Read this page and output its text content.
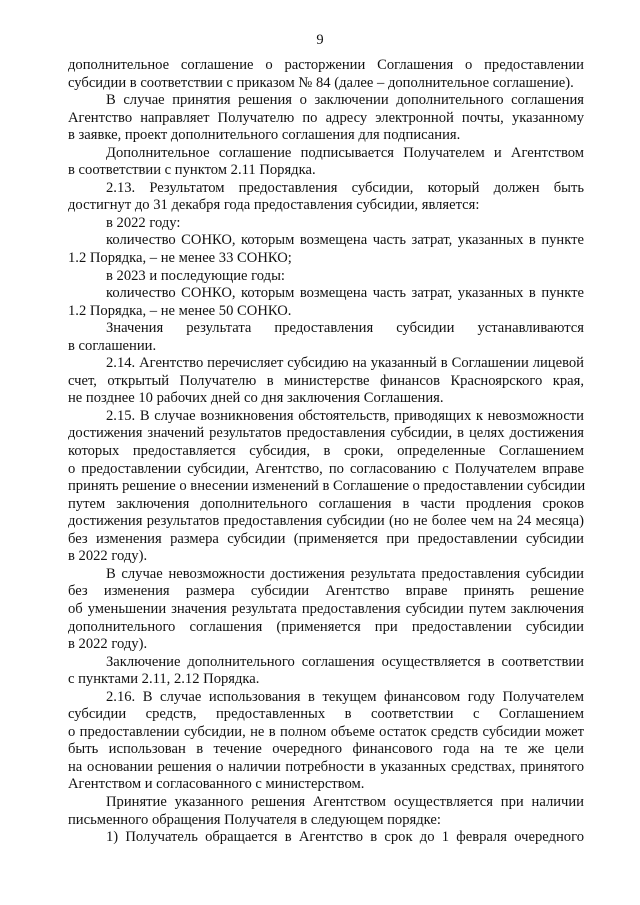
9
дополнительное соглашение о расторжении Соглашения о предоставлении
субсидии в соответствии с приказом № 84 (далее – дополнительное соглашение).
В случае принятия решения о заключении дополнительного соглашения
Агентство направляет Получателю по адресу электронной почты, указанному
в заявке, проект дополнительного соглашения для подписания.
Дополнительное соглашение подписывается Получателем и Агентством
в соответствии с пунктом 2.11 Порядка.
2.13. Результатом предоставления субсидии, который должен быть
достигнут до 31 декабря года предоставления субсидии, является:
в 2022 году:
количество СОНКО, которым возмещена часть затрат, указанных в пункте
1.2 Порядка, – не менее 33 СОНКО;
в 2023 и последующие годы:
количество СОНКО, которым возмещена часть затрат, указанных в пункте
1.2 Порядка, – не менее 50 СОНКО.
Значения результата предоставления субсидии устанавливаются
в соглашении.
2.14. Агентство перечисляет субсидию на указанный в Соглашении лицевой
счет, открытый Получателю в министерстве финансов Красноярского края,
не позднее 10 рабочих дней со дня заключения Соглашения.
2.15. В случае возникновения обстоятельств, приводящих к невозможности
достижения значений результатов предоставления субсидии, в целях достижения
которых предоставляется субсидия, в сроки, определенные Соглашением
о предоставлении субсидии, Агентство, по согласованию с Получателем вправе
принять решение о внесении изменений в Соглашение о предоставлении субсидии
путем заключения дополнительного соглашения в части продления сроков
достижения результатов предоставления субсидии (но не более чем на 24 месяца)
без изменения размера субсидии (применяется при предоставлении субсидии
в 2022 году).
В случае невозможности достижения результата предоставления субсидии
без изменения размера субсидии Агентство вправе принять решение
об уменьшении значения результата предоставления субсидии путем заключения
дополнительного соглашения (применяется при предоставлении субсидии
в 2022 году).
Заключение дополнительного соглашения осуществляется в соответствии
с пунктами 2.11, 2.12 Порядка.
2.16. В случае использования в текущем финансовом году Получателем
субсидии средств, предоставленных в соответствии с Соглашением
о предоставлении субсидии, не в полном объеме остаток средств субсидии может
быть использован в течение очередного финансового года на те же цели
на основании решения о наличии потребности в указанных средствах, принятого
Агентством и согласованного с министерством.
Принятие указанного решения Агентством осуществляется при наличии
письменного обращения Получателя в следующем порядке:
1) Получатель обращается в Агентство в срок до 1 февраля очередного
